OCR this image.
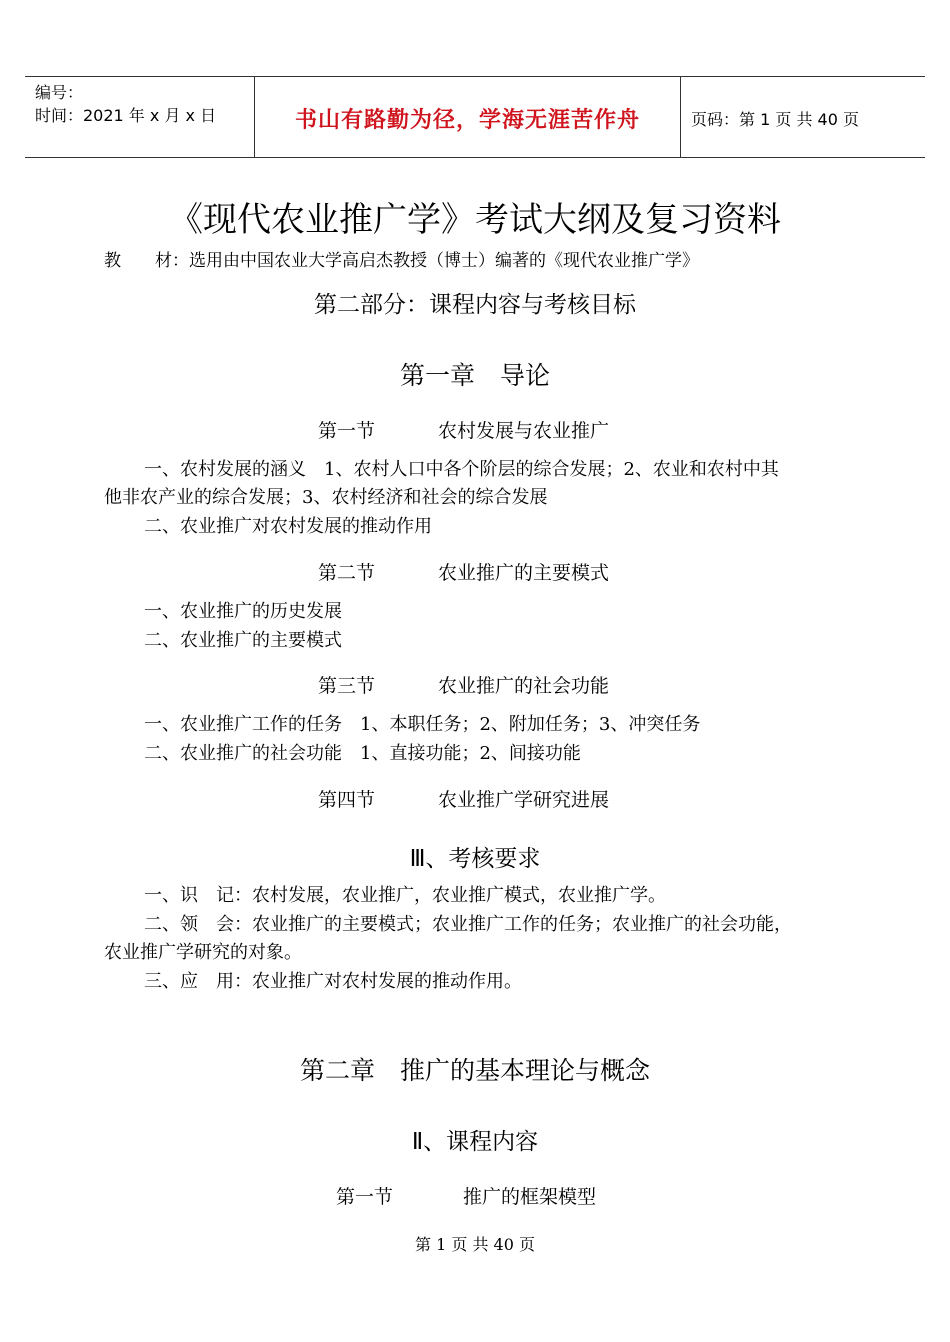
编号：
时间：2021 年 x 月 x 日	书山有路勤为径，学海无涯苦作舟	页码：第 1 页 共 40 页
《现代农业推广学》考试大纲及复习资料
教　　材：选用由中国农业大学高启杰教授（博士）编著的《现代农业推广学》
第二部分：课程内容与考核目标
第一章　导论
第一节	农村发展与农业推广
一、农村发展的涵义　1、农村人口中各个阶层的综合发展；2、农业和农村中其
他非农产业的综合发展；3、农村经济和社会的综合发展
二、农业推广对农村发展的推动作用
第二节	农业推广的主要模式
一、农业推广的历史发展
二、农业推广的主要模式
第三节	农业推广的社会功能
一、农业推广工作的任务　1、本职任务；2、附加任务；3、冲突任务
二、农业推广的社会功能　1、直接功能；2、间接功能
第四节	农业推广学研究进展
Ⅲ、考核要求
一、识　记：农村发展，农业推广，农业推广模式，农业推广学。
二、领　会：农业推广的主要模式；农业推广工作的任务；农业推广的社会功能，
农业推广学研究的对象。
三、应　用：农业推广对农村发展的推动作用。
第二章　推广的基本理论与概念
Ⅱ、课程内容
第一节	推广的框架模型
第 1 页 共 40 页
